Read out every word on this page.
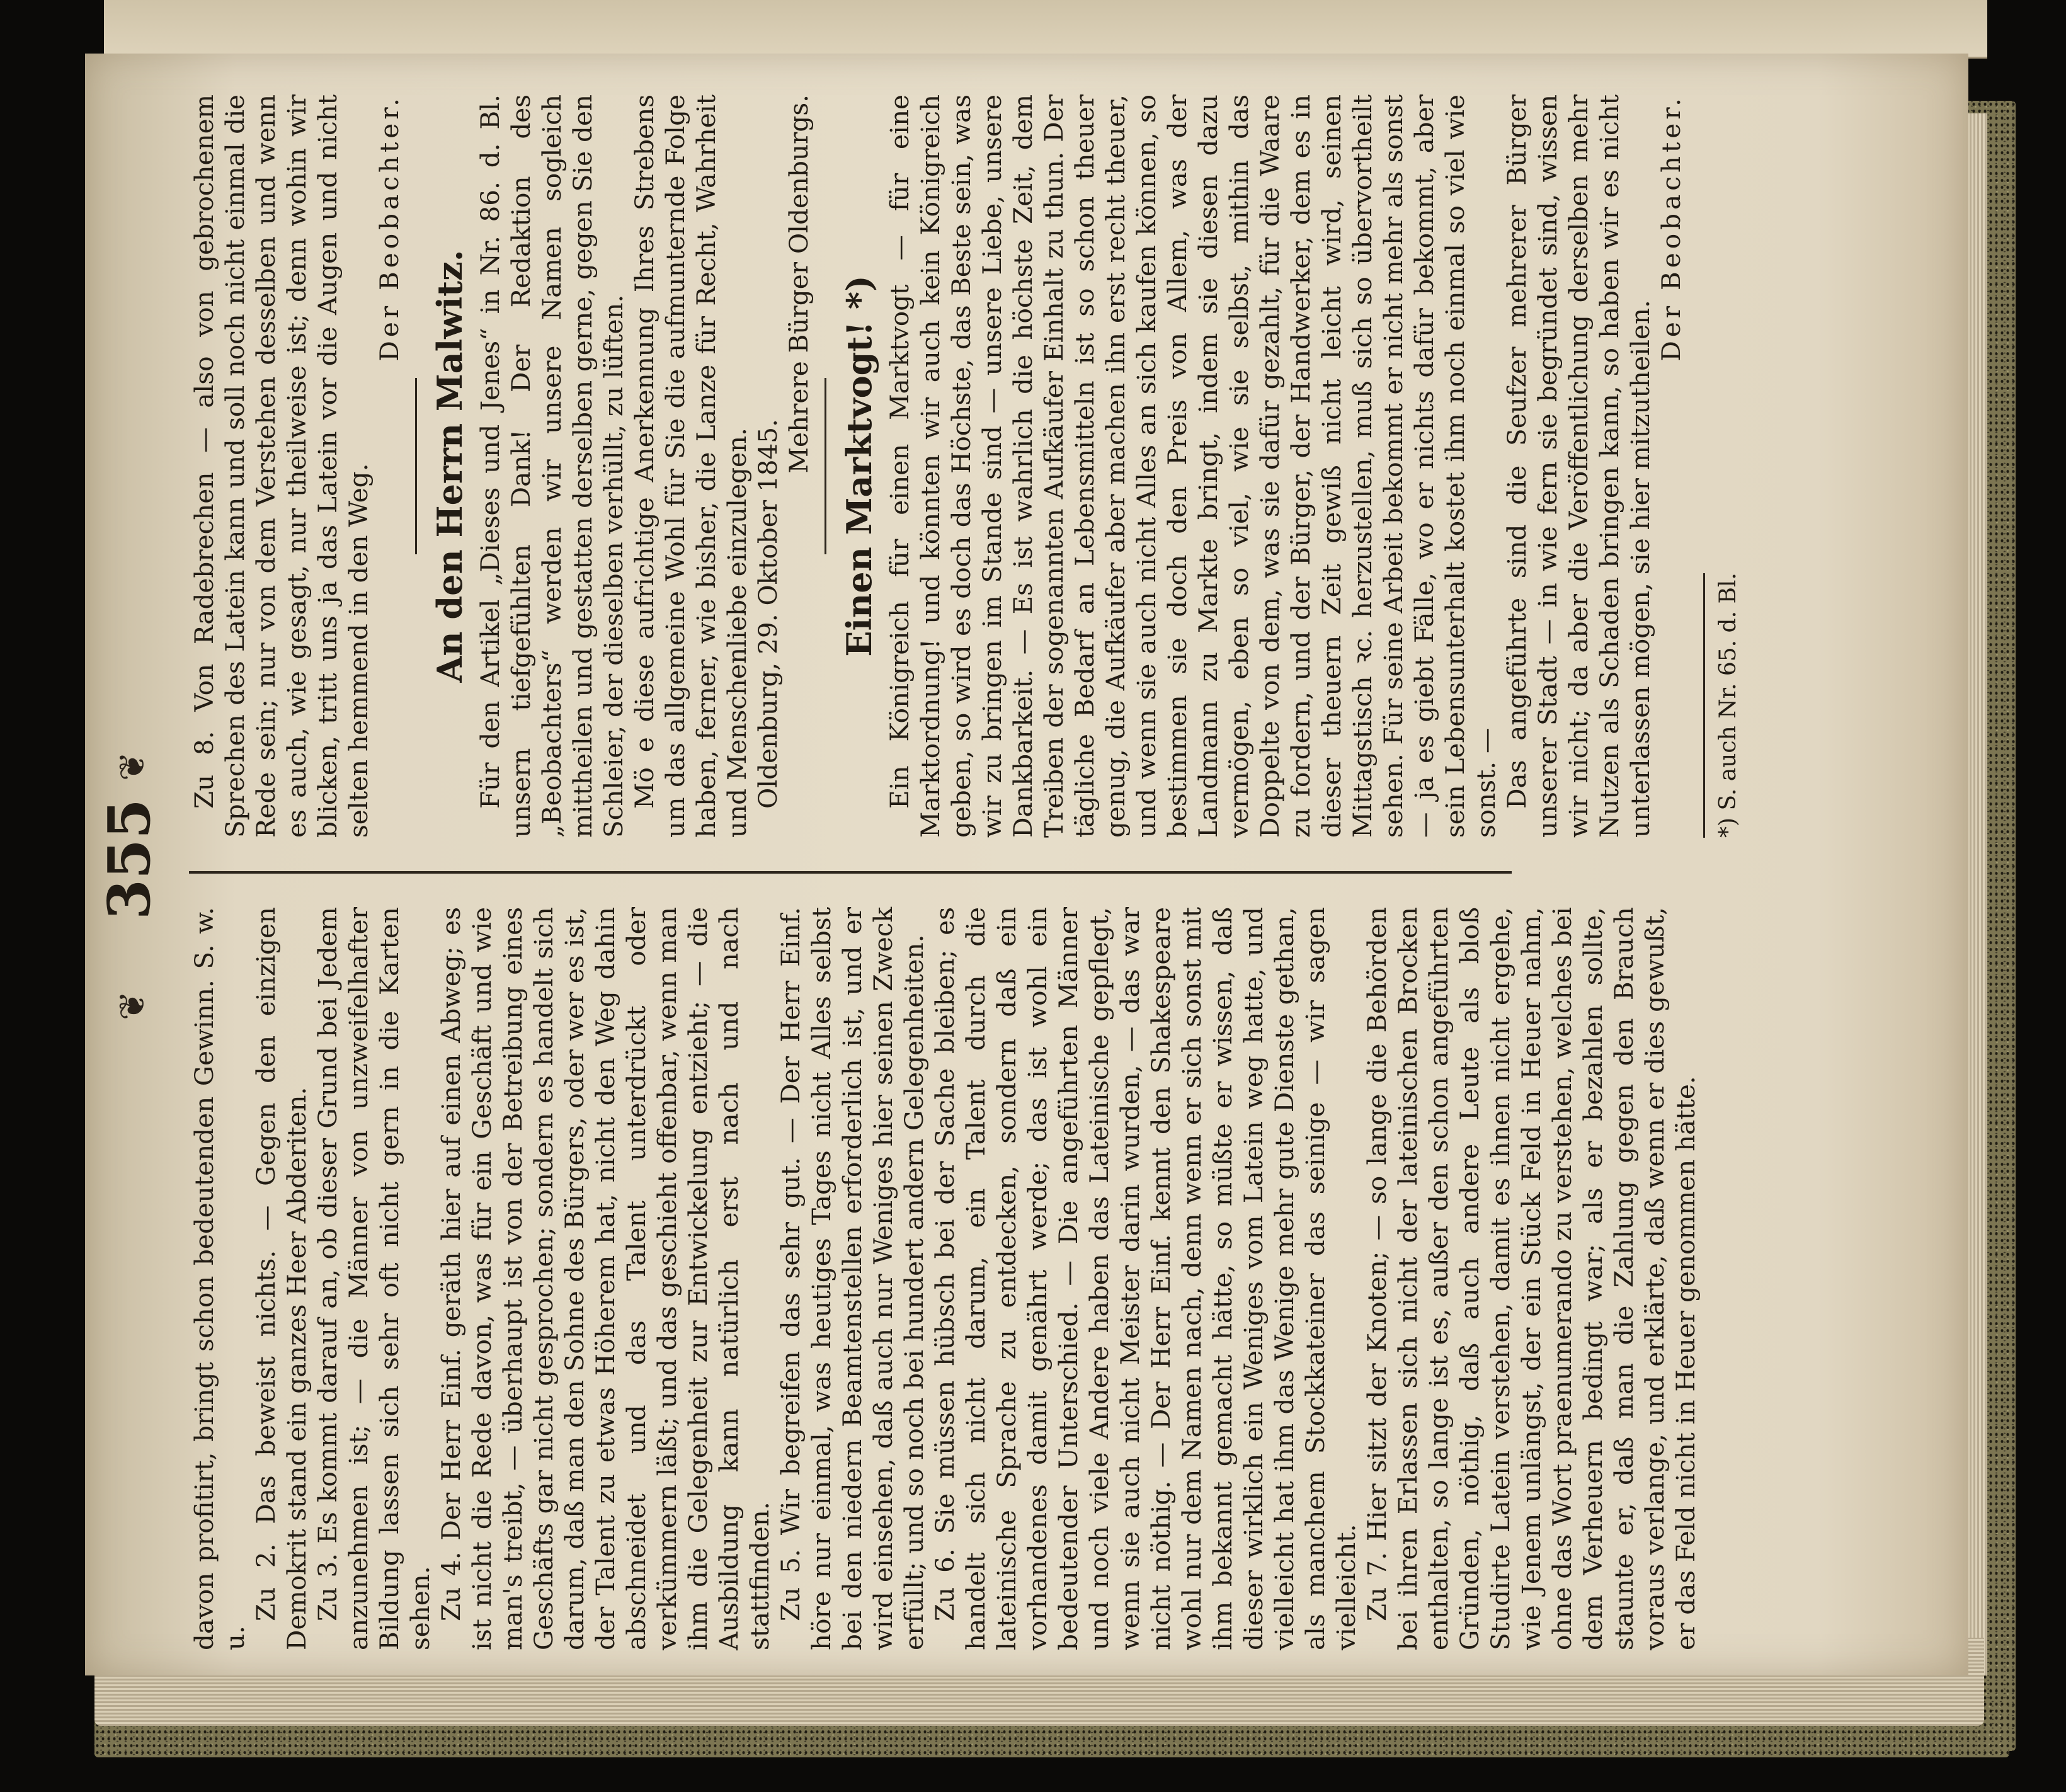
❦
355
❦

davon profitirt, bringt schon bedeutenden Gewinn. S. w. u.

Zu 2. Das beweist nichts. — Gegen den einzigen Demokrit stand ein ganzes Heer Abderiten. Zu 3. Es kommt darauf an, ob dieser Grund bei Jedem anzunehmen ist; — die Männer von unzweifelhafter Bildung lassen sich sehr oft nicht gern in die Karten sehen. Zu 4. Der Herr Einf. geräth hier auf einen Abweg; es ist nicht die Rede davon, was für ein Geschäft und wie man's treibt, — überhaupt ist von der Betreibung eines Geschäfts gar nicht gesprochen; sondern es handelt sich darum, daß man den Sohne des Bürgers, oder wer es ist, der Talent zu etwas Höherem hat, nicht den Weg dahin abschneidet und das Talent unterdrückt oder verkümmern läßt; und das geschieht offenbar, wenn man ihm die Gelegenheit zur Entwickelung entzieht; — die Ausbildung kann natürlich erst nach und nach stattfinden. Zu 5. Wir begreifen das sehr gut. — Der Herr Einf. höre nur einmal, was heutiges Tages nicht Alles selbst bei den niedern Beamtenstellen erforderlich ist, und er wird einsehen, daß auch nur Weniges hier seinen Zweck erfüllt; und so noch bei hundert andern Gelegenheiten. Zu 6. Sie müssen hübsch bei der Sache bleiben; es handelt sich nicht darum, ein Talent durch die lateinische Sprache zu entdecken, sondern daß ein vorhandenes damit genährt werde; das ist wohl ein bedeutender Unterschied. — Die angeführten Männer und noch viele Andere haben das Lateinische gepflegt, wenn sie auch nicht Meister darin wurden, — das war nicht nöthig. — Der Herr Einf. kennt den Shakespeare wohl nur dem Namen nach, denn wenn er sich sonst mit ihm bekannt gemacht hätte, so müßte er wissen, daß dieser wirklich ein Weniges vom Latein weg hatte, und vielleicht hat ihm das Wenige mehr gute Dienste gethan, als manchem Stockkateiner das seinige — wir sagen vielleicht. Zu 7. Hier sitzt der Knoten; — so lange die Behörden bei ihren Erlassen sich nicht der lateinischen Brocken enthalten, so lange ist es, außer den schon angeführten Gründen, nöthig, daß auch andere Leute als bloß Studirte Latein verstehen, damit es ihnen nicht ergehe, wie Jenem unlängst, der ein Stück Feld in Heuer nahm, ohne das Wort praenumerando zu verstehen, welches bei dem Verheuern bedingt war; als er bezahlen sollte, staunte er, daß man die Zahlung gegen den Brauch voraus verlange, und erklärte, daß wenn er dies gewußt, er das Feld nicht in Heuer genommen hätte.

Zu 8. Von Radebrechen — also von gebrochenem Sprechen des Latein kann und soll noch nicht einmal die Rede sein; nur von dem Verstehen desselben und wenn es auch, wie gesagt, nur theilweise ist; denn wohin wir blicken, tritt uns ja das Latein vor die Augen und nicht selten hemmend in den Weg.

Der Beobachter.

An den Herrn Malwitz. Für den Artikel „Dieses und Jenes“ in Nr. 86. d. Bl. unsern tiefgefühlten Dank! Der Redaktion des „Beobachters“ werden wir unsere Namen sogleich mittheilen und gestatten derselben gerne, gegen Sie den Schleier, der dieselben verhüllt, zu lüften. Mö e diese aufrichtige Anerkennung Ihres Strebens um das allgemeine Wohl für Sie die aufmunternde Folge haben, ferner, wie bisher, die Lanze für Recht, Wahrheit und Menschenliebe einzulegen. Oldenburg, 29. Oktober 1845.

Mehrere Bürger Oldenburgs. Einen Marktvogt! *) Ein Königreich für einen Marktvogt — für eine Marktordnung! und könnten wir auch kein Königreich geben, so wird es doch das Höchste, das Beste sein, was wir zu bringen im Stande sind — unsere Liebe, unsere Dankbarkeit. — Es ist wahrlich die höchste Zeit, dem Treiben der sogenannten Aufkäufer Einhalt zu thun. Der tägliche Bedarf an Lebensmitteln ist so schon theuer genug, die Aufkäufer aber machen ihn erst recht theuer, und wenn sie auch nicht Alles an sich kaufen können, so bestimmen sie doch den Preis von Allem, was der Landmann zu Markte bringt, indem sie diesen dazu vermögen, eben so viel, wie sie selbst, mithin das Doppelte von dem, was sie dafür gezahlt, für die Waare zu fordern, und der Bürger, der Handwerker, dem es in dieser theuern Zeit gewiß nicht leicht wird, seinen Mittagstisch ꝛc. herzustellen, muß sich so übervortheilt sehen. Für seine Arbeit bekommt er nicht mehr als sonst — ja es giebt Fälle, wo er nichts dafür bekommt, aber sein Lebensunterhalt kostet ihm noch einmal so viel wie sonst. — Das angeführte sind die Seufzer mehrerer Bürger unserer Stadt — in wie fern sie begründet sind, wissen wir nicht; da aber die Veröffentlichung derselben mehr Nutzen als Schaden bringen kann, so haben wir es nicht unterlassen mögen, sie hier mitzutheilen.

Der Beobachter.

*) S. auch Nr. 65. d. Bl.
